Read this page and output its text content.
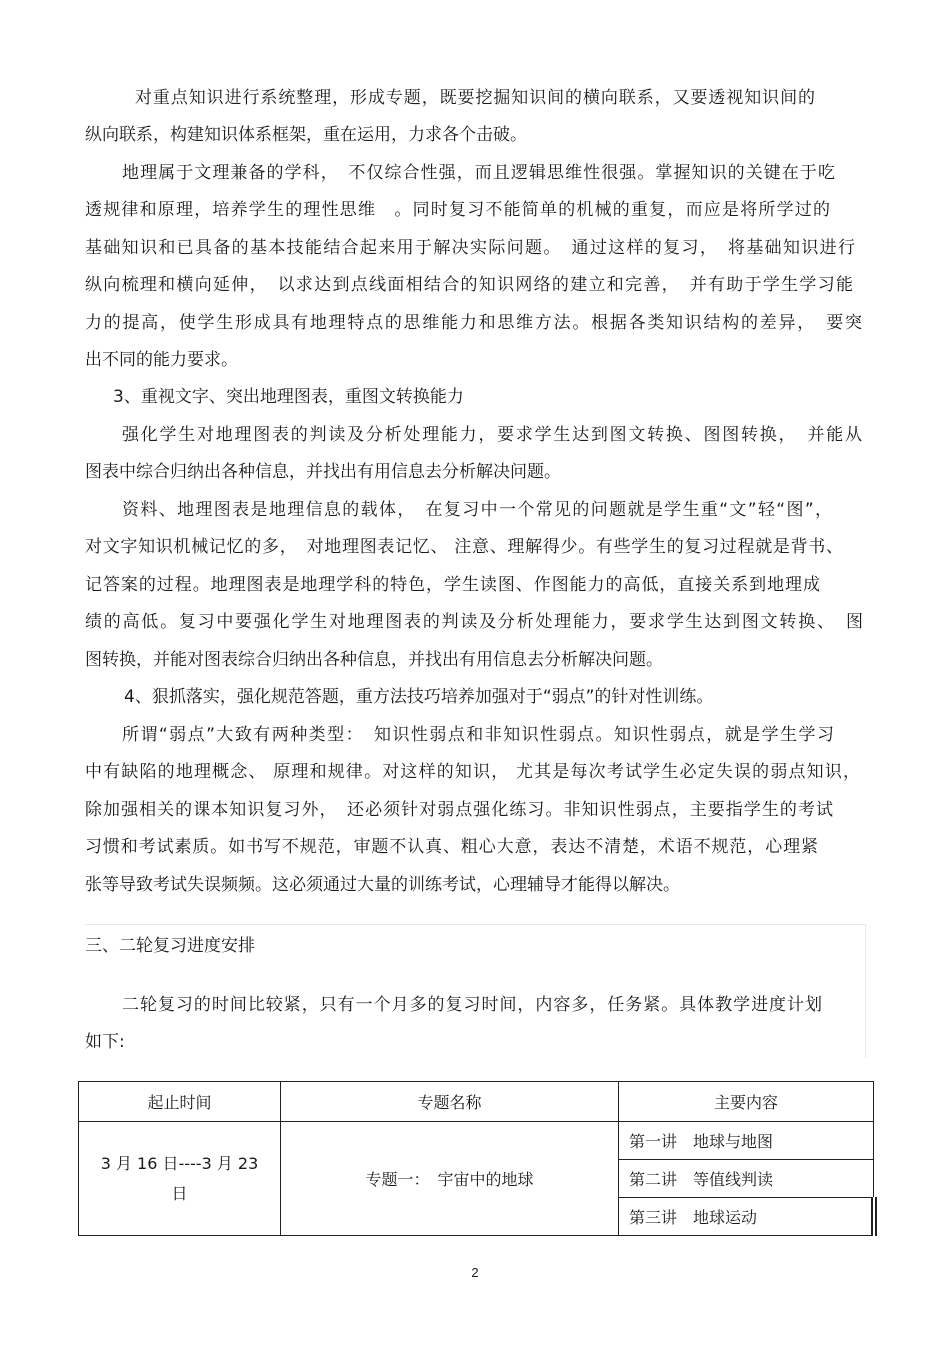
对重点知识进行系统整理，形成专题，既要挖掘知识间的横向联系，又要透视知识间的
纵向联系，构建知识体系框架，重在运用，力求各个击破。
地理属于文理兼备的学科，　不仅综合性强，而且逻辑思维性很强。掌握知识的关键在于吃
透规律和原理，培养学生的理性思维　。同时复习不能简单的机械的重复，而应是将所学过的
基础知识和已具备的基本技能结合起来用于解决实际问题。　通过这样的复习，　将基础知识进行
纵向梳理和横向延伸，　以求达到点线面相结合的知识网络的建立和完善，　并有助于学生学习能
力的提高，使学生形成具有地理特点的思维能力和思维方法。根据各类知识结构的差异，　要突
出不同的能力要求。
3、重视文字、突出地理图表，重图文转换能力
强化学生对地理图表的判读及分析处理能力，要求学生达到图文转换、图图转换，　并能从
图表中综合归纳出各种信息，并找出有用信息去分析解决问题。
资料、地理图表是地理信息的载体，　在复习中一个常见的问题就是学生重“文”轻“图”，
对文字知识机械记忆的多，　对地理图表记忆、 注意、理解得少。有些学生的复习过程就是背书、
记答案的过程。地理图表是地理学科的特色，学生读图、作图能力的高低，直接关系到地理成
绩的高低。复习中要强化学生对地理图表的判读及分析处理能力，要求学生达到图文转换、　图
图转换，并能对图表综合归纳出各种信息，并找出有用信息去分析解决问题。
4、狠抓落实，强化规范答题，重方法技巧培养加强对于“弱点”的针对性训练。
所谓“弱点”大致有两种类型：　知识性弱点和非知识性弱点。知识性弱点，就是学生学习
中有缺陷的地理概念、 原理和规律。对这样的知识， 尤其是每次考试学生必定失误的弱点知识，
除加强相关的课本知识复习外，　还必须针对弱点强化练习。非知识性弱点，主要指学生的考试
习惯和考试素质。如书写不规范，审题不认真、粗心大意，表达不清楚，术语不规范，心理紧
张等导致考试失误频频。这必须通过大量的训练考试，心理辅导才能得以解决。
三、二轮复习进度安排
二轮复习的时间比较紧，只有一个月多的复习时间，内容多，任务紧。具体教学进度计划
如下:
起止时间	专题名称	主要内容
3 月 16 日----3 月 23 日	专题一：　宇宙中的地球	第一讲　地球与地图
		第二讲　等值线判读
		第三讲　地球运动
2
